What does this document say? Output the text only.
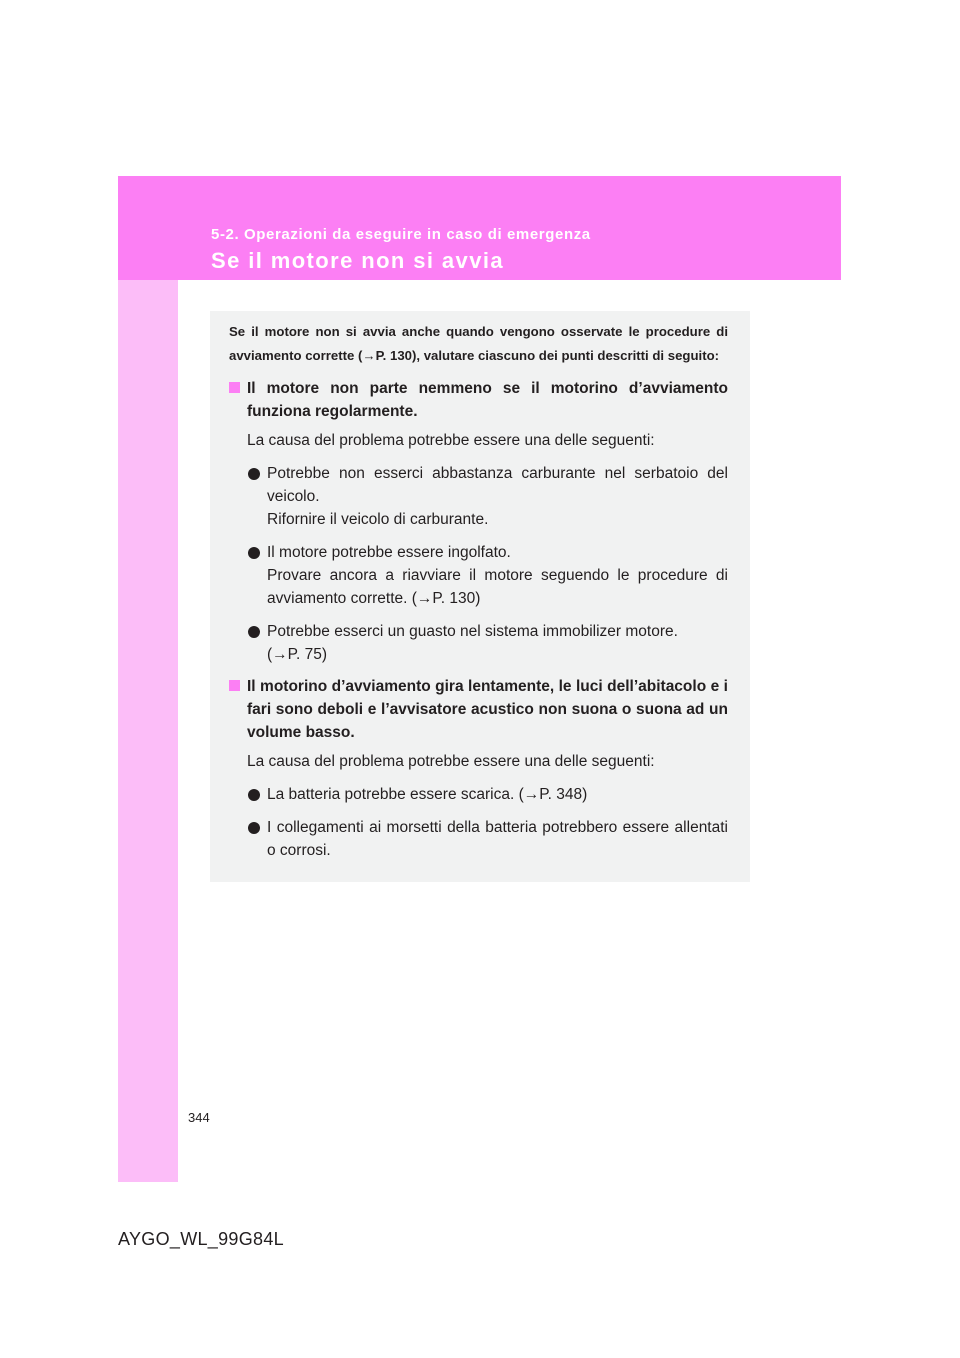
5-2. Operazioni da eseguire in caso di emergenza
Se il motore non si avvia

Se il motore non si avvia anche quando vengono osservate le procedure di avviamento corrette (→P. 130), valutare ciascuno dei punti descritti di seguito:

Il motore non parte nemmeno se il motorino d’avviamento funziona regolarmente.

La causa del problema potrebbe essere una delle seguenti:

Potrebbe non esserci abbastanza carburante nel serbatoio del veicolo.
Rifornire il veicolo di carburante.

Il motore potrebbe essere ingolfato.
Provare ancora a riavviare il motore seguendo le procedure di avviamento corrette. (→P. 130)

Potrebbe esserci un guasto nel sistema immobilizer motore.
(→P. 75)

Il motorino d’avviamento gira lentamente, le luci dell’abitacolo e i fari sono deboli e l’avvisatore acustico non suona o suona ad un volume basso.

La causa del problema potrebbe essere una delle seguenti:

La batteria potrebbe essere scarica. (→P. 348)

I collegamenti ai morsetti della batteria potrebbero essere allentati o corrosi.

344
AYGO_WL_99G84L
